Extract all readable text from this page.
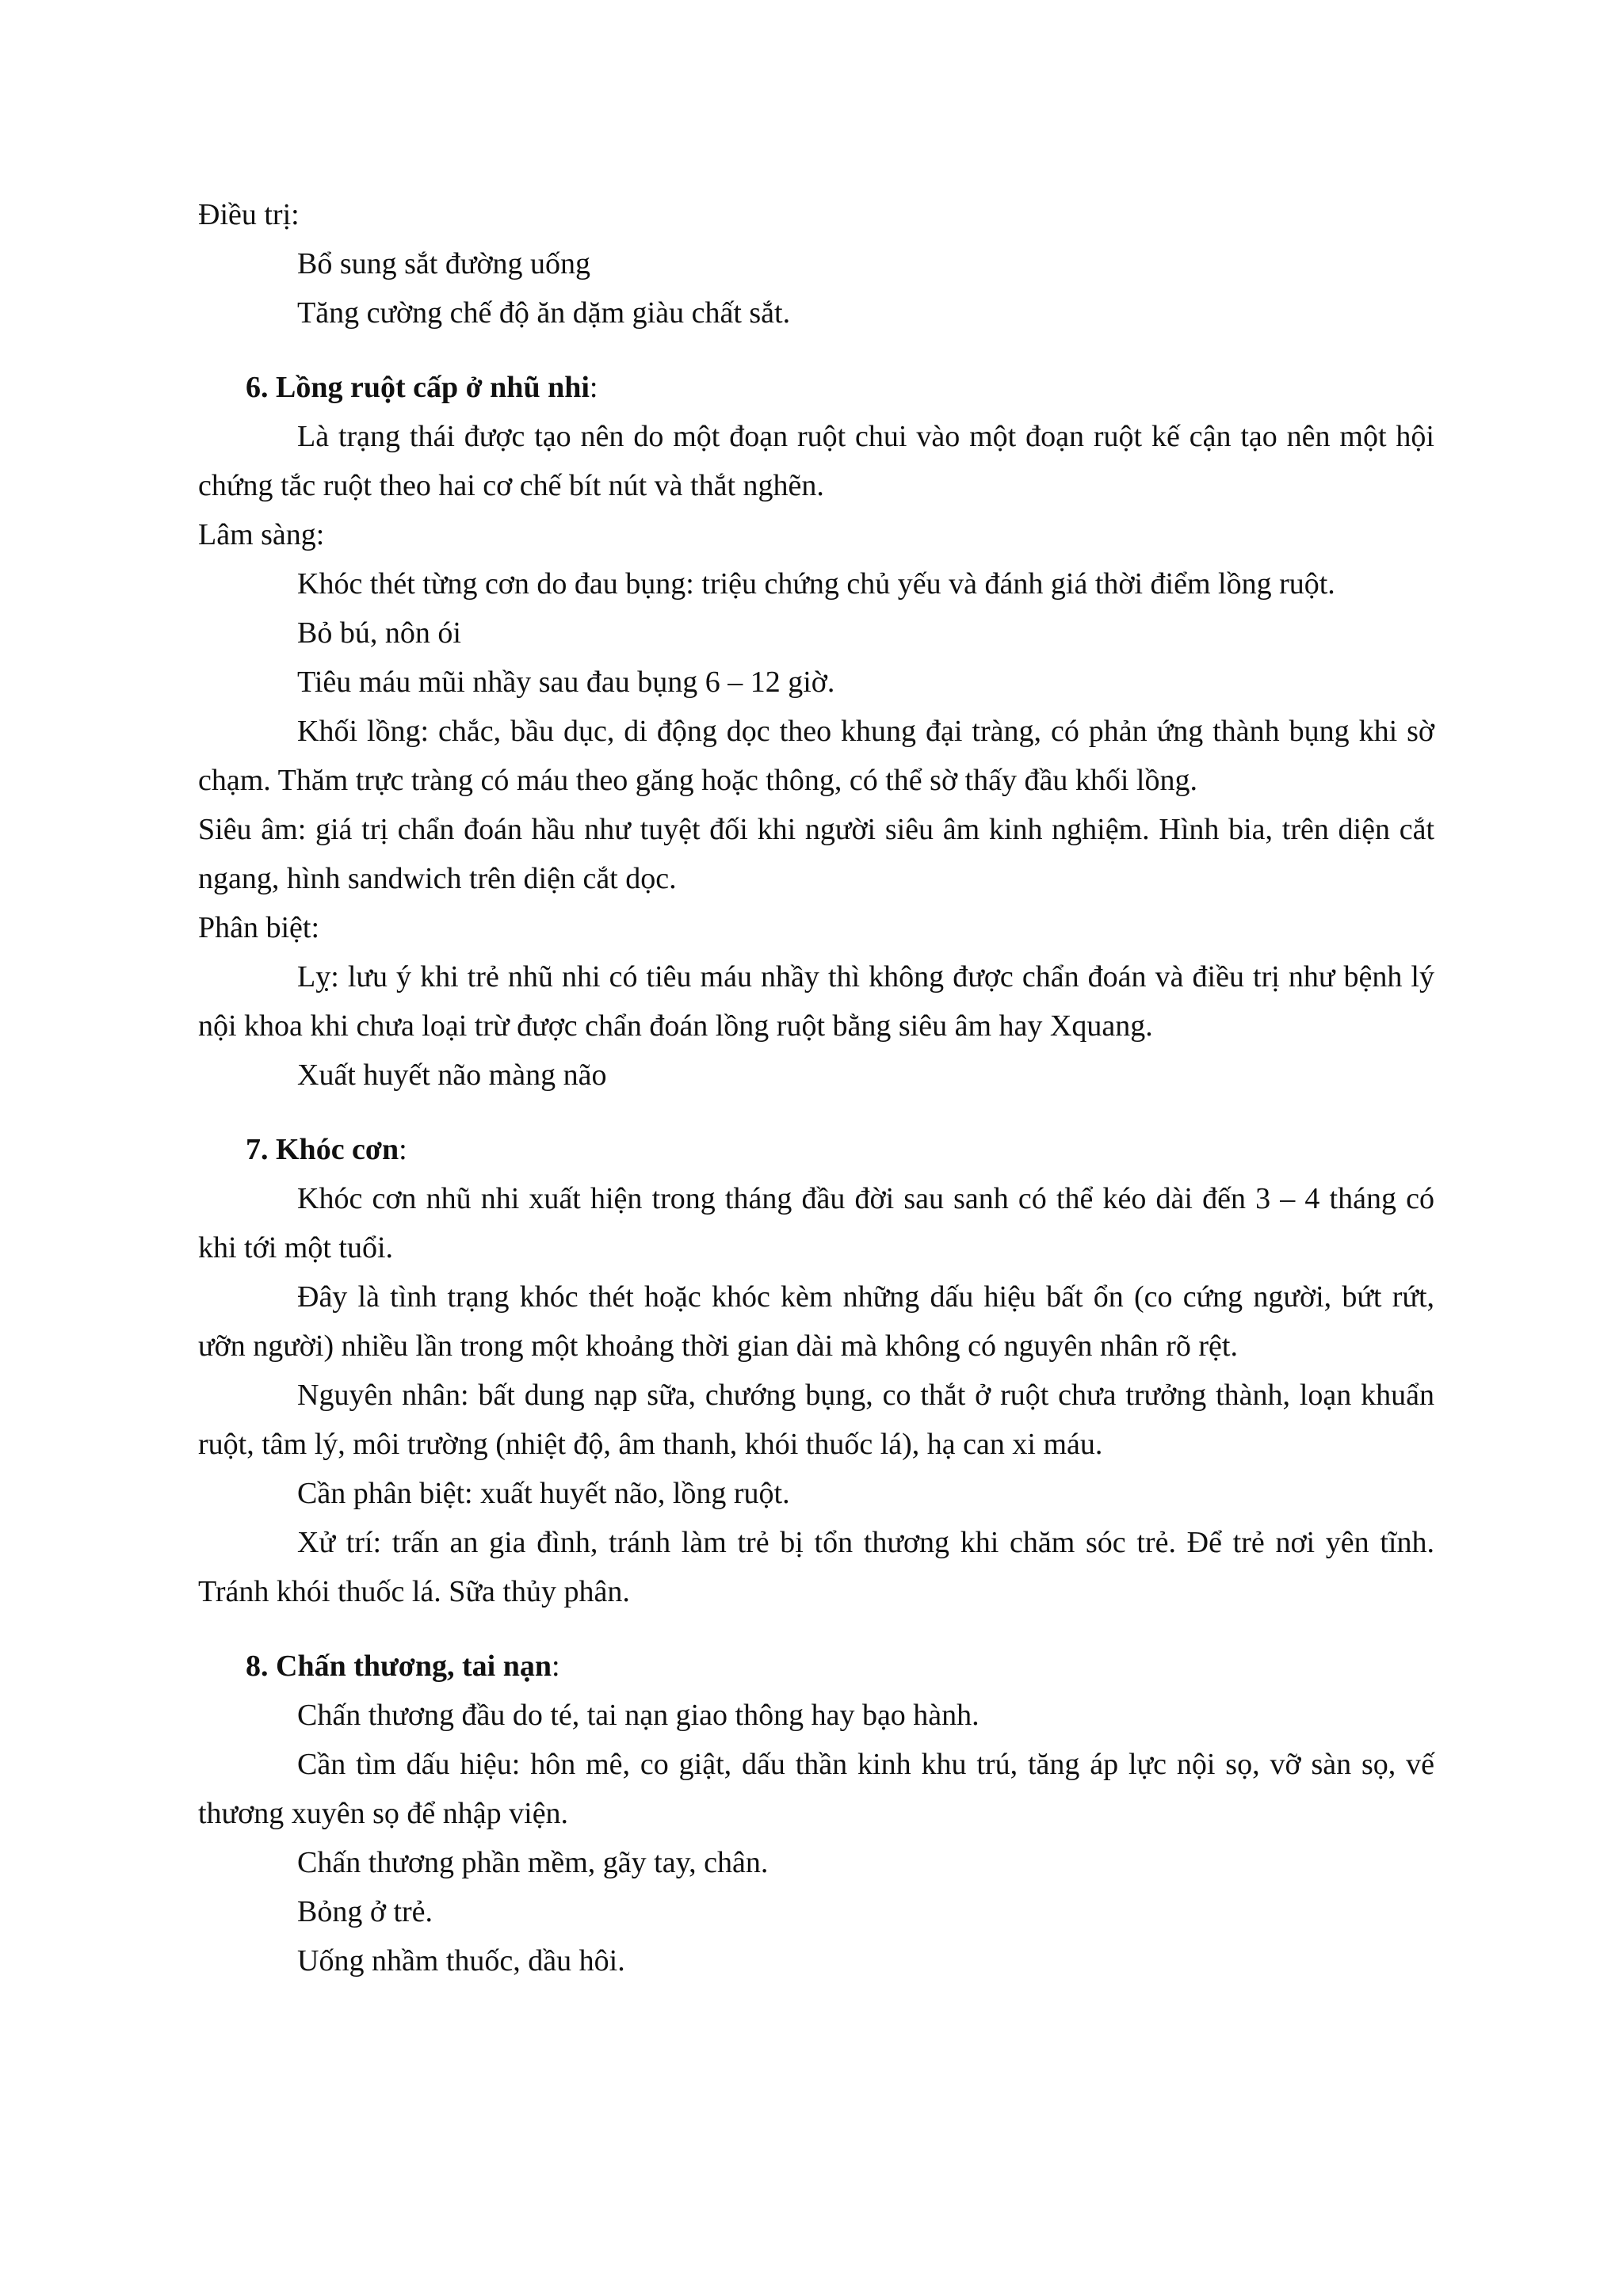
Điều trị:

Bổ sung sắt đường uống

Tăng cường chế độ ăn dặm giàu chất sắt.

6. Lồng ruột cấp ở nhũ nhi:

Là trạng thái được tạo nên do một đoạn ruột chui vào một đoạn ruột kế cận tạo nên một hội chứng tắc ruột theo hai cơ chế bít nút và thắt nghẽn.

Lâm sàng:

Khóc thét từng cơn do đau bụng: triệu chứng chủ yếu và đánh giá thời điểm lồng ruột.

Bỏ bú, nôn ói

Tiêu máu mũi nhầy sau đau bụng 6 – 12 giờ.

Khối lồng: chắc, bầu dục, di động dọc theo khung đại tràng, có phản ứng thành bụng khi sờ chạm. Thăm trực tràng có máu theo găng hoặc thông, có thể sờ thấy đầu khối lồng.

Siêu âm: giá trị chẩn đoán hầu như tuyệt đối khi người siêu âm kinh nghiệm. Hình bia, trên diện cắt ngang, hình sandwich trên diện cắt dọc.

Phân biệt:

Lỵ: lưu ý khi trẻ nhũ nhi có tiêu máu nhầy thì không được chẩn đoán và điều trị như bệnh lý nội khoa khi chưa loại trừ được chẩn đoán lồng ruột bằng siêu âm hay Xquang.

Xuất huyết não màng não

7. Khóc cơn:

Khóc cơn nhũ nhi xuất hiện trong tháng đầu đời sau sanh có thể kéo dài đến 3 – 4 tháng có khi tới một tuổi.

Đây là tình trạng khóc thét hoặc khóc kèm những dấu hiệu bất ổn (co cứng người, bứt rứt, ưỡn người) nhiều lần trong một khoảng thời gian dài mà không có nguyên nhân rõ rệt.

Nguyên nhân: bất dung nạp sữa, chướng bụng, co thắt ở ruột chưa trưởng thành, loạn khuẩn ruột, tâm lý, môi trường (nhiệt độ, âm thanh, khói thuốc lá), hạ can xi máu.

Cần phân biệt: xuất huyết não, lồng ruột.

Xử trí: trấn an gia đình, tránh làm trẻ bị tổn thương khi chăm sóc trẻ. Để trẻ nơi yên tĩnh. Tránh khói thuốc lá. Sữa thủy phân.

8. Chấn thương, tai nạn:

Chấn thương đầu do té, tai nạn giao thông hay bạo hành.

Cần tìm dấu hiệu: hôn mê, co giật, dấu thần kinh khu trú, tăng áp lực nội sọ, vỡ sàn sọ, vế thương xuyên sọ để nhập viện.

Chấn thương phần mềm, gãy tay, chân.

Bỏng ở trẻ.

Uống nhầm thuốc, dầu hôi.
